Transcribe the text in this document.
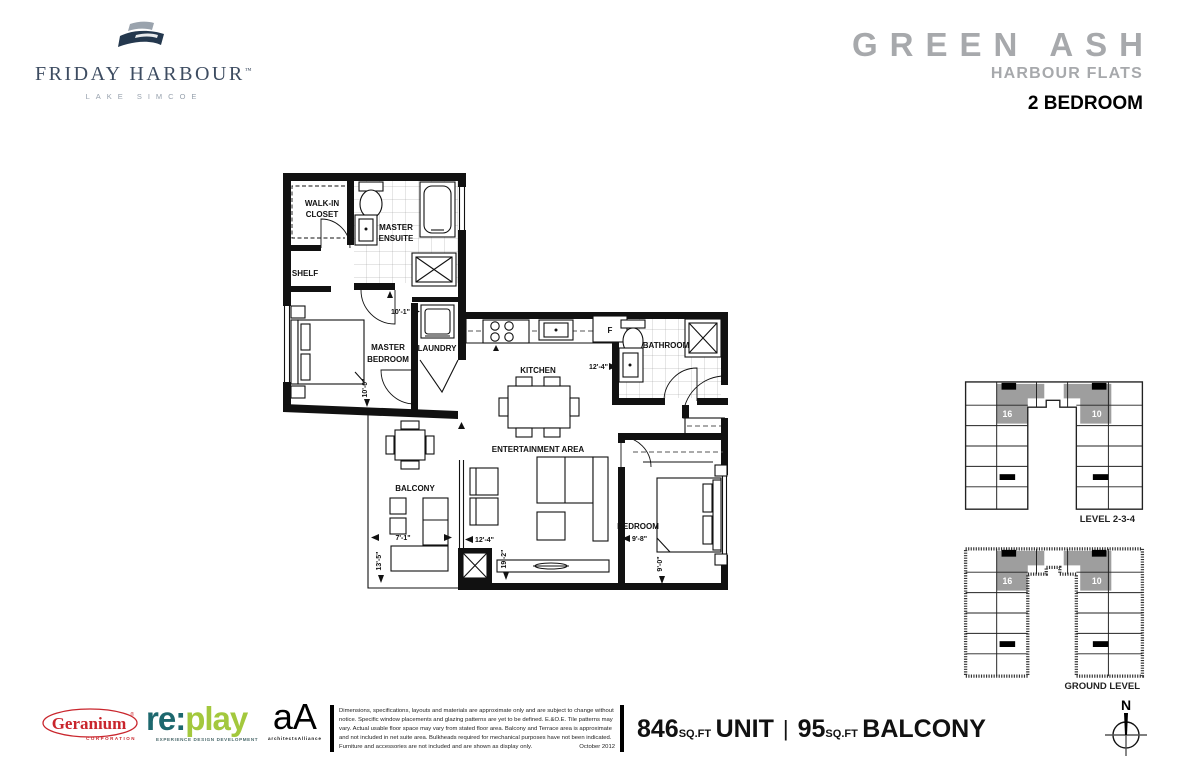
FRIDAY HARBOUR™
LAKE SIMCOE
GREEN ASH
HARBOUR FLATS
2 BEDROOM
WALK-IN
CLOSET
MASTER
ENSUITE
SHELF
MASTER
BEDROOM
LAUNDRY
KITCHEN
F
BATHROOM
ENTERTAINMENT AREA
BALCONY
BEDROOM
10'-1"
10'-0"
12'-4"
12'-4"
19'-2"
7'-1"
13'-5"
9'-8"
9'-0"
16	10
LEVEL 2-3-4
16	10
GROUND LEVEL
N
Geranium ®
CORPORATION
re:play
EXPERIENCE DESIGN DEVELOPMENT
aA
architectsAlliance
Dimensions, specifications, layouts and materials are approximate only and are subject to change without
notice. Specific window placements and glazing patterns are yet to be defined. E.&O.E. Tile patterns may
vary. Actual usable floor space may vary from stated floor area. Balcony and Terrace area is approximate
and not included in net suite area. Bulkheads required for mechanical purposes have not been indicated.
Furniture and accessories are not included and are shown as display only.	October 2012
846SQ.FT UNIT | 95SQ.FT BALCONY
